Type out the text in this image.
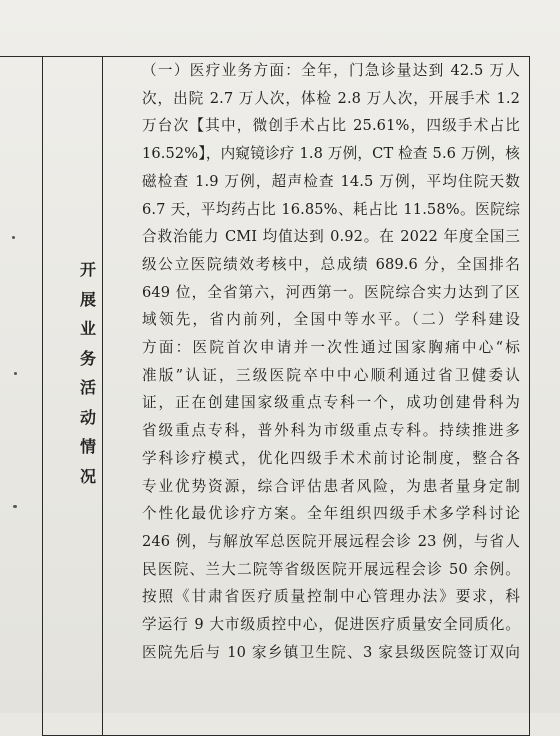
开
展
业
务
活
动
情
况
（一）医疗业务方面：全年，门急诊量达到 42.5 万人
次，出院 2.7 万人次，体检 2.8 万人次，开展手术 1.2
万台次【其中，微创手术占比 25.61%，四级手术占比
16.52%】，内窥镜诊疗 1.8 万例，CT 检查 5.6 万例，核
磁检查 1.9 万例，超声检查 14.5 万例，平均住院天数
6.7 天，平均药占比 16.85%、耗占比 11.58%。医院综
合救治能力 CMI 均值达到 0.92。在 2022 年度全国三
级公立医院绩效考核中，总成绩 689.6 分，全国排名
649 位，全省第六，河西第一。医院综合实力达到了区
域领先，省内前列，全国中等水平。（二）学科建设
方面：医院首次申请并一次性通过国家胸痛中心“标
准版”认证，三级医院卒中中心顺利通过省卫健委认
证，正在创建国家级重点专科一个，成功创建骨科为
省级重点专科，普外科为市级重点专科。持续推进多
学科诊疗模式，优化四级手术术前讨论制度，整合各
专业优势资源，综合评估患者风险，为患者量身定制
个性化最优诊疗方案。全年组织四级手术多学科讨论
246 例，与解放军总医院开展远程会诊 23 例，与省人
民医院、兰大二院等省级医院开展远程会诊 50 余例。
按照《甘肃省医疗质量控制中心管理办法》要求，科
学运行 9 大市级质控中心，促进医疗质量安全同质化。
医院先后与 10 家乡镇卫生院、3 家县级医院签订双向
